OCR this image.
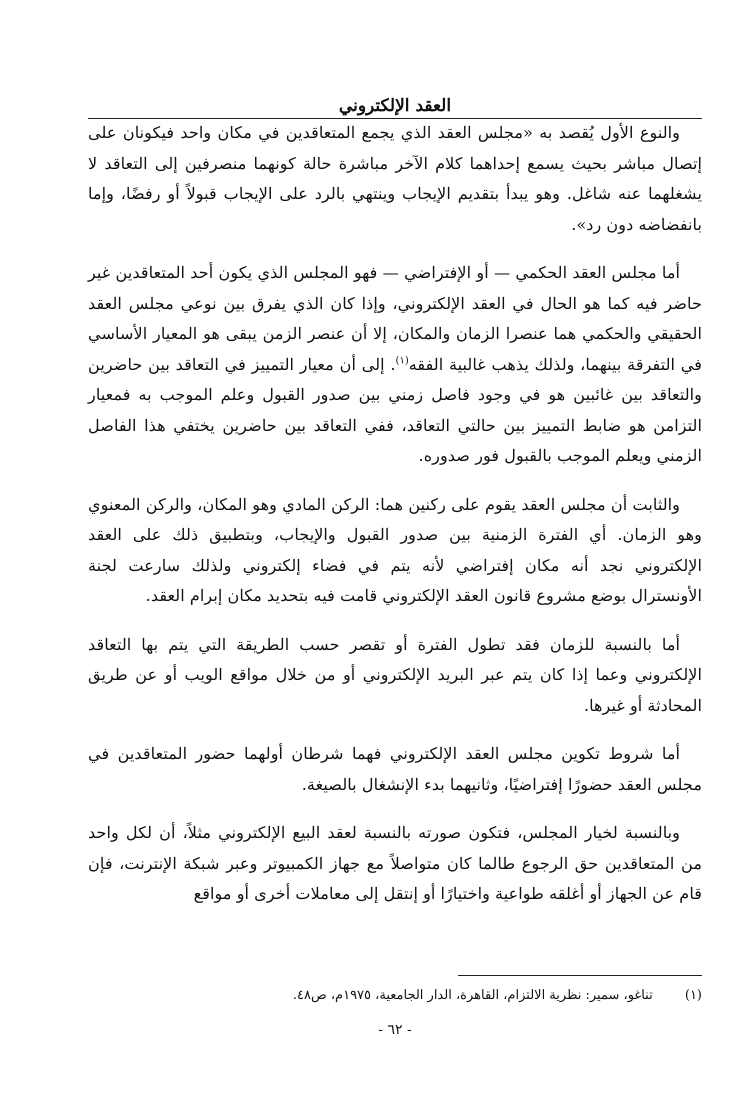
العقد الإلكتروني

والنوع الأول يُقصد به «مجلس العقد الذي يجمع المتعاقدين في مكان واحد فيكونان على إتصال مباشر بحيث يسمع إحداهما كلام الآخر مباشرة حالة كونهما منصرفين إلى التعاقد لا يشغلهما عنه شاغل. وهو يبدأ بتقديم الإيجاب وينتهي بالرد على الإيجاب قبولاً أو رفضًا، وإما بانفضاضه دون رد».

أما مجلس العقد الحكمي — أو الإفتراضي — فهو المجلس الذي يكون أحد المتعاقدين غير حاضر فيه كما هو الحال في العقد الإلكتروني، وإذا كان الذي يفرق بين نوعي مجلس العقد الحقيقي والحكمي هما عنصرا الزمان والمكان، إلا أن عنصر الزمن يبقى هو المعيار الأساسي في التفرقة بينهما، ولذلك يذهب غالبية الفقه$^{(١)}$. إلى أن معيار التمييز في التعاقد بين حاضرين والتعاقد بين غائبين هو في وجود فاصل زمني بين صدور القبول وعلم الموجب به فمعيار التزامن هو ضابط التمييز بين حالتي التعاقد، ففي التعاقد بين حاضرين يختفي هذا الفاصل الزمني ويعلم الموجب بالقبول فور صدوره.

والثابت أن مجلس العقد يقوم على ركنين هما: الركن المادي وهو المكان، والركن المعنوي وهو الزمان. أي الفترة الزمنية بين صدور القبول والإيجاب، وبتطبيق ذلك على العقد الإلكتروني نجد أنه مكان إفتراضي لأنه يتم في فضاء إلكتروني ولذلك سارعت لجنة الأونسترال بوضع مشروع قانون العقد الإلكتروني قامت فيه بتحديد مكان إبرام العقد.

أما بالنسبة للزمان فقد تطول الفترة أو تقصر حسب الطريقة التي يتم بها التعاقد الإلكتروني وعما إذا كان يتم عبر البريد الإلكتروني أو من خلال مواقع الويب أو عن طريق المحادثة أو غيرها.

أما شروط تكوين مجلس العقد الإلكتروني فهما شرطان أولهما حضور المتعاقدين في مجلس العقد حضورًا إفتراضيًا، وثانيهما بدء الإنشغال بالصيغة.

وبالنسبة لخيار المجلس، فتكون صورته بالنسبة لعقد البيع الإلكتروني مثلاً، أن لكل واحد من المتعاقدين حق الرجوع طالما كان متواصلاً مع جهاز الكمبيوتر وعبر شبكة الإنترنت، فإن قام عن الجهاز أو أغلقه طواعية واختيارًا أو إنتقل إلى معاملات أخرى أو مواقع

(١) تناغو، سمير: نظرية الالتزام، القاهرة، الدار الجامعية، ١٩٧٥م، ص٤٨.
- ٦٢ -
